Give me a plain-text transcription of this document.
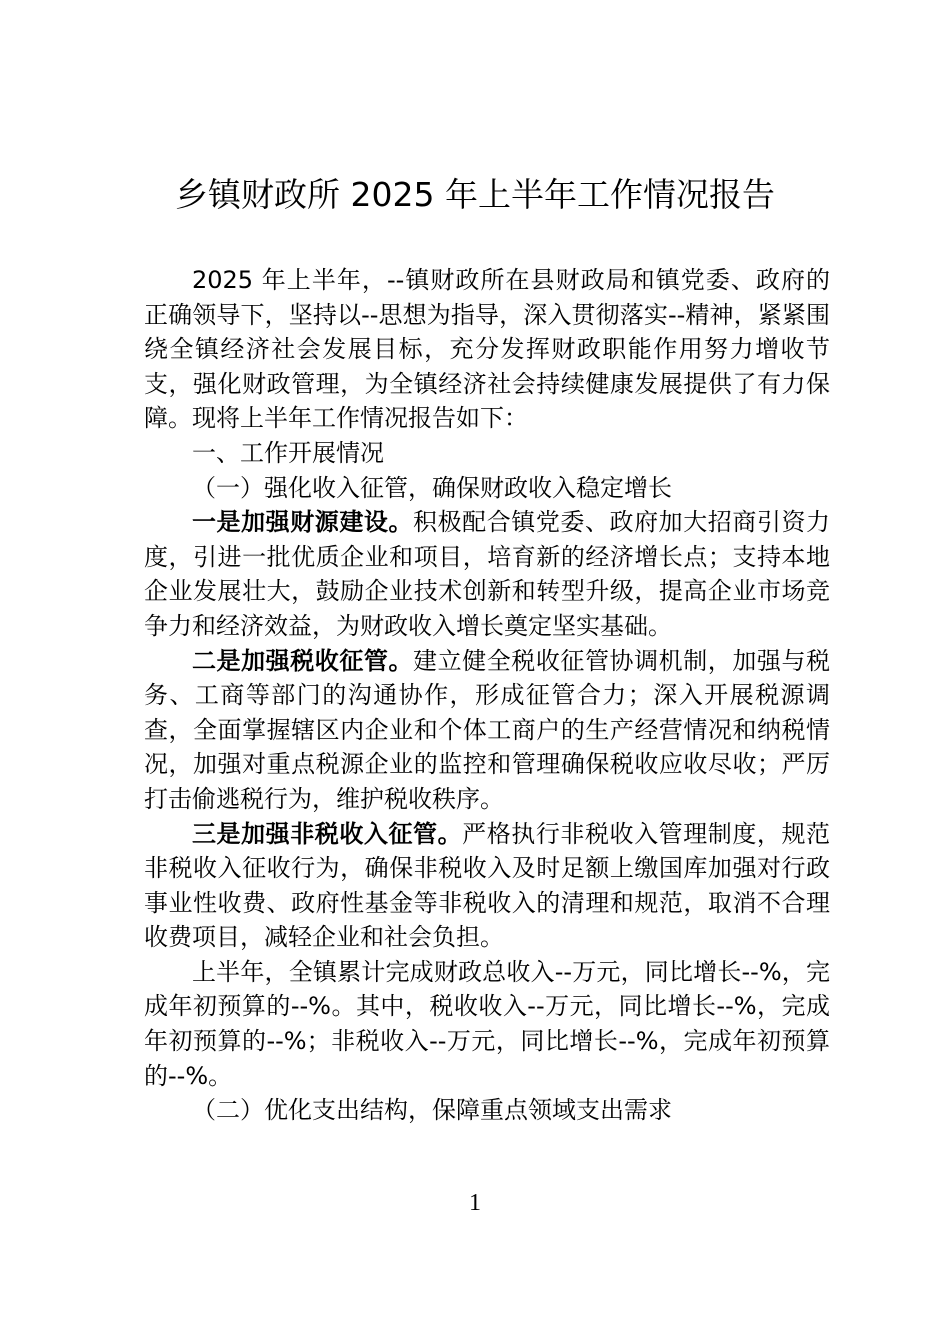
乡镇财政所 2025 年上半年工作情况报告

2025 年上半年，--镇财政所在县财政局和镇党委、政府的正确领导下，坚持以--思想为指导，深入贯彻落实--精神，紧紧围绕全镇经济社会发展目标，充分发挥财政职能作用努力增收节支，强化财政管理，为全镇经济社会持续健康发展提供了有力保障。现将上半年工作情况报告如下：

一、工作开展情况

（一）强化收入征管，确保财政收入稳定增长

一是加强财源建设。积极配合镇党委、政府加大招商引资力度，引进一批优质企业和项目，培育新的经济增长点；支持本地企业发展壮大，鼓励企业技术创新和转型升级，提高企业市场竞争力和经济效益，为财政收入增长奠定坚实基础。

二是加强税收征管。建立健全税收征管协调机制，加强与税务、工商等部门的沟通协作，形成征管合力；深入开展税源调查，全面掌握辖区内企业和个体工商户的生产经营情况和纳税情况，加强对重点税源企业的监控和管理确保税收应收尽收；严厉打击偷逃税行为，维护税收秩序。

三是加强非税收入征管。严格执行非税收入管理制度，规范非税收入征收行为，确保非税收入及时足额上缴国库加强对行政事业性收费、政府性基金等非税收入的清理和规范，取消不合理收费项目，减轻企业和社会负担。

上半年，全镇累计完成财政总收入--万元，同比增长--%，完成年初预算的--%。其中，税收收入--万元，同比增长--%，完成年初预算的--%；非税收入--万元，同比增长--%，完成年初预算的--%。

（二）优化支出结构，保障重点领域支出需求

1
